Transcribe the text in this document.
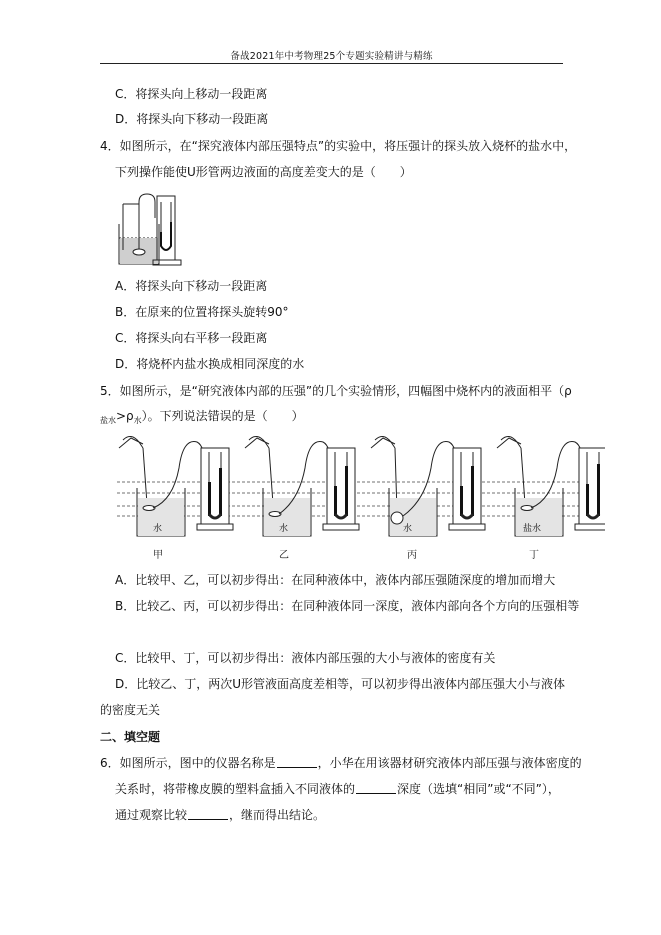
备战2021年中考物理25个专题实验精讲与精练
C．将探头向上移动一段距离
D．将探头向下移动一段距离
4．如图所示，在“探究液体内部压强特点”的实验中，将压强计的探头放入烧杯的盐水中，
下列操作能使U形管两边液面的高度差变大的是（　　）
A．将探头向下移动一段距离
B．在原来的位置将探头旋转90°
C．将探头向右平移一段距离
D．将烧杯内盐水换成相同深度的水
5．如图所示，是“研究液体内部的压强”的几个实验情形，四幅图中烧杯内的液面相平（ρ
$_{盐水}>\rho_水$）。下列说法错误的是（　　）
水
甲
水
乙
水
丙
盐水
丁
A．比较甲、乙，可以初步得出：在同种液体中，液体内部压强随深度的增加而增大
B．比较乙、丙，可以初步得出：在同种液体同一深度，液体内部向各个方向的压强相等
C．比较甲、丁，可以初步得出：液体内部压强的大小与液体的密度有关
D．比较乙、丁，两次U形管液面高度差相等，可以初步得出液体内部压强大小与液体
的密度无关
二、填空题
6．如图所示，图中的仪器名称是	，小华在用该器材研究液体内部压强与液体密度的
关系时，将带橡皮膜的塑料盒插入不同液体的	深度（选填“相同”或“不同”），
通过观察比较	，继而得出结论。
